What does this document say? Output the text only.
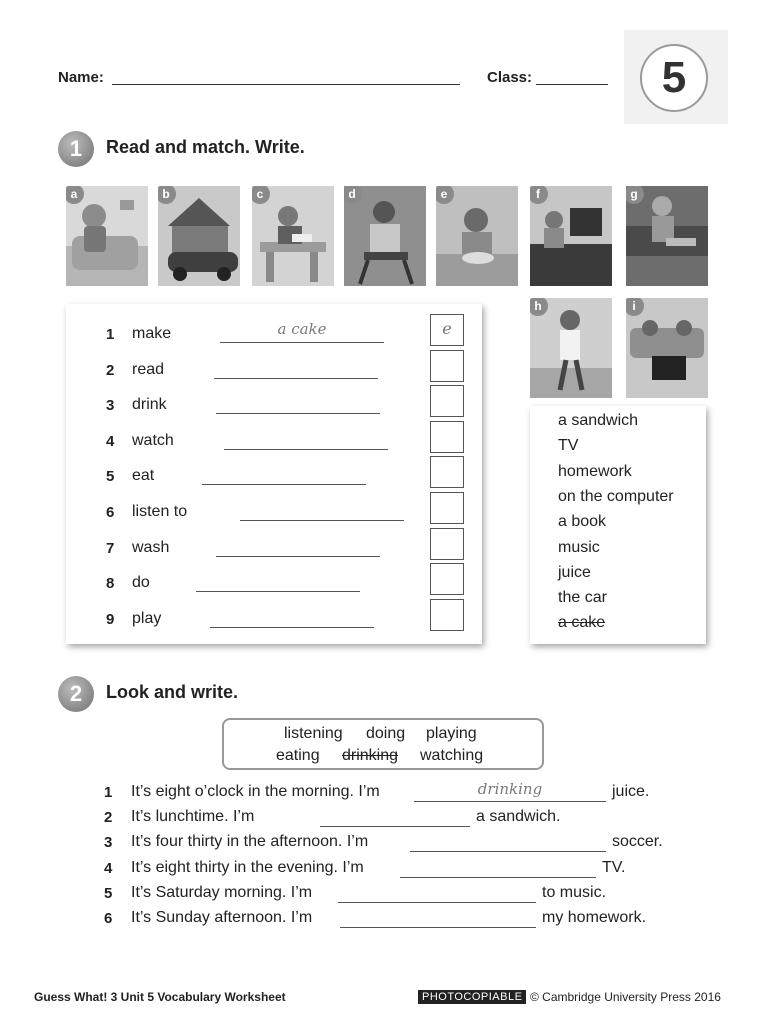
Name:	Class:	5
1	Read and match. Write.
a	b	c	d	e	f	g
h	i
1 make	a cake	e
2 read
3 drink
4 watch
5 eat
6 listen to
7 wash
8 do
9 play
a sandwich
TV
homework
on the computer
a book
music
juice
the car
a cake
2	Look and write.
listening doing playing
eating drinking watching
1 It’s eight o’clock in the morning. I’m	drinking	juice.
2 It’s lunchtime. I’m	a sandwich.
3 It’s four thirty in the afternoon. I’m	soccer.
4 It’s eight thirty in the evening. I’m	TV.
5 It’s Saturday morning. I’m	to music.
6 It’s Sunday afternoon. I’m	my homework.
Guess What! 3 Unit 5 Vocabulary Worksheet	PHOTOCOPIABLE © Cambridge University Press 2016
